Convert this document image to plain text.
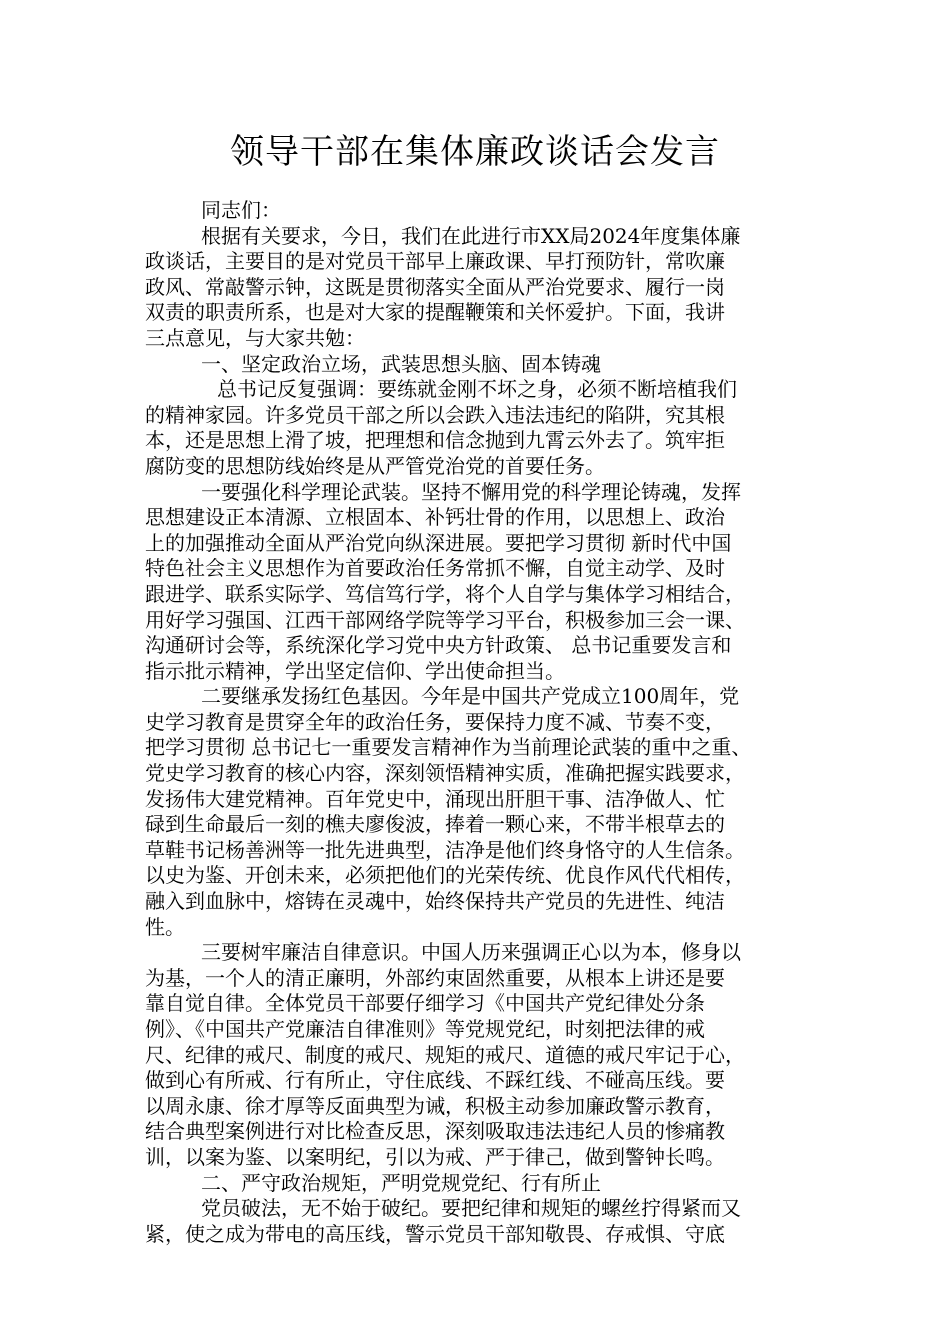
领导干部在集体廉政谈话会发言

同志们：

根据有关要求，今日，我们在此进行市XX局2024年度集体廉
政谈话，主要目的是对党员干部早上廉政课、早打预防针，常吹廉
政风、常敲警示钟，这既是贯彻落实全面从严治党要求、履行一岗
双责的职责所系，也是对大家的提醒鞭策和关怀爱护。下面，我讲
三点意见，与大家共勉：

一、坚定政治立场，武装思想头脑、固本铸魂

总书记反复强调：要练就金刚不坏之身，必须不断培植我们
的精神家园。许多党员干部之所以会跌入违法违纪的陷阱，究其根
本，还是思想上滑了坡，把理想和信念抛到九霄云外去了。筑牢拒
腐防变的思想防线始终是从严管党治党的首要任务。

一要强化科学理论武装。坚持不懈用党的科学理论铸魂，发挥
思想建设正本清源、立根固本、补钙壮骨的作用，以思想上、政治
上的加强推动全面从严治党向纵深进展。要把学习贯彻 新时代中国
特色社会主义思想作为首要政治任务常抓不懈，自觉主动学、及时
跟进学、联系实际学、笃信笃行学，将个人自学与集体学习相结合，
用好学习强国、江西干部网络学院等学习平台，积极参加三会一课、
沟通研讨会等，系统深化学习党中央方针政策、 总书记重要发言和
指示批示精神，学出坚定信仰、学出使命担当。

二要继承发扬红色基因。今年是中国共产党成立100周年，党
史学习教育是贯穿全年的政治任务，要保持力度不减、节奏不变，
把学习贯彻 总书记七一重要发言精神作为当前理论武装的重中之重、
党史学习教育的核心内容，深刻领悟精神实质，准确把握实践要求，
发扬伟大建党精神。百年党史中，涌现出肝胆干事、洁净做人、忙
碌到生命最后一刻的樵夫廖俊波，捧着一颗心来，不带半根草去的
草鞋书记杨善洲等一批先进典型，洁净是他们终身恪守的人生信条。
以史为鉴、开创未来，必须把他们的光荣传统、优良作风代代相传，
融入到血脉中，熔铸在灵魂中，始终保持共产党员的先进性、纯洁
性。

三要树牢廉洁自律意识。中国人历来强调正心以为本，修身以
为基，一个人的清正廉明，外部约束固然重要，从根本上讲还是要
靠自觉自律。全体党员干部要仔细学习《中国共产党纪律处分条
例》、《中国共产党廉洁自律准则》等党规党纪，时刻把法律的戒
尺、纪律的戒尺、制度的戒尺、规矩的戒尺、道德的戒尺牢记于心，
做到心有所戒、行有所止，守住底线、不踩红线、不碰高压线。要
以周永康、徐才厚等反面典型为诫，积极主动参加廉政警示教育，
结合典型案例进行对比检查反思，深刻吸取违法违纪人员的惨痛教
训，以案为鉴、以案明纪，引以为戒、严于律己，做到警钟长鸣。

二、严守政治规矩，严明党规党纪、行有所止

党员破法，无不始于破纪。要把纪律和规矩的螺丝拧得紧而又
紧，使之成为带电的高压线，警示党员干部知敬畏、存戒惧、守底
